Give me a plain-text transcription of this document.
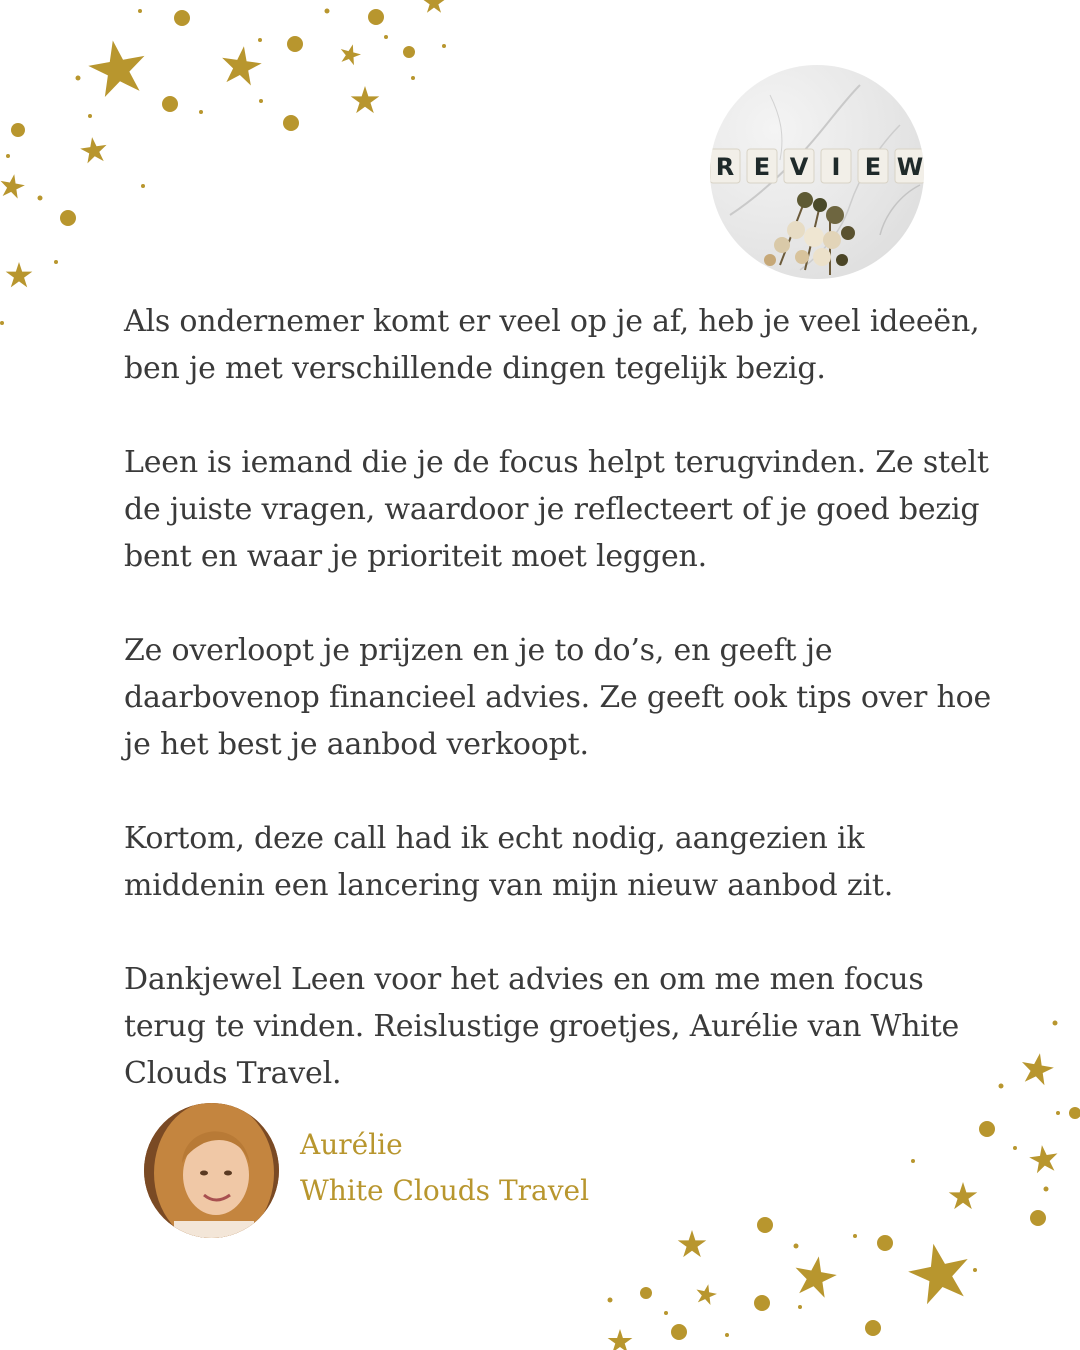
R E V I E W

Als ondernemer komt er veel op je af, heb je veel ideeën, ben je met verschillende dingen tegelijk bezig.

Leen is iemand die je de focus helpt terugvinden. Ze stelt de juiste vragen, waardoor je reflecteert of je goed bezig bent en waar je prioriteit moet leggen.

Ze overloopt je prijzen en je to do’s, en geeft je daarbovenop financieel advies. Ze geeft ook tips over hoe je het best je aanbod verkoopt.

Kortom, deze call had ik echt nodig, aangezien ik middenin een lancering van mijn nieuw aanbod zit.

Dankjewel Leen voor het advies en om me men focus terug te vinden. Reislustige groetjes, Aurélie van White Clouds Travel.

Aurélie
White Clouds Travel
